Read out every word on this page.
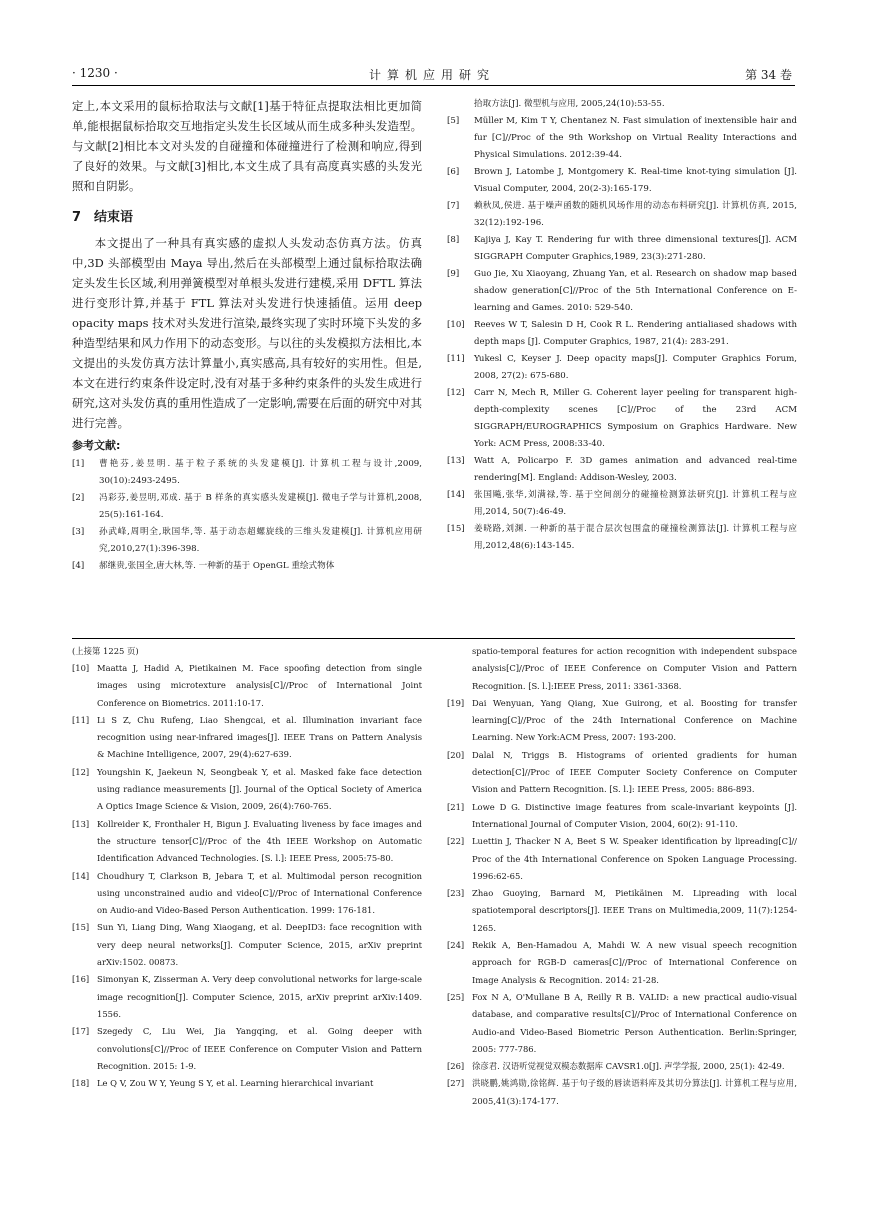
· 1230 ·	计算机应用研究	第 34 卷

定上,本文采用的鼠标拾取法与文献[1]基于特征点提取法相比更加简单,能根据鼠标拾取交互地指定头发生长区域从而生成多种头发造型。与文献[2]相比本文对头发的自碰撞和体碰撞进行了检测和响应,得到了良好的效果。与文献[3]相比,本文生成了具有高度真实感的头发光照和自阴影。

7　结束语

本文提出了一种具有真实感的虚拟人头发动态仿真方法。仿真中,3D 头部模型由 Maya 导出,然后在头部模型上通过鼠标拾取法确定头发生长区域,利用弹簧模型对单根头发进行建模,采用 DFTL 算法进行变形计算,并基于 FTL 算法对头发进行快速插值。运用 deep opacity maps 技术对头发进行渲染,最终实现了实时环境下头发的多种造型结果和风力作用下的动态变形。与以往的头发模拟方法相比,本文提出的头发仿真方法计算量小,真实感高,具有较好的实用性。但是,本文在进行约束条件设定时,没有对基于多种约束条件的头发生成进行研究,这对头发仿真的重用性造成了一定影响,需要在后面的研究中对其进行完善。

参考文献:
[1]	曹艳芬,姜昱明. 基于粒子系统的头发建模[J]. 计算机工程与设计,2009, 30(10):2493-2495.
[2]	冯彩芬,姜昱明,邓成. 基于 B 样条的真实感头发建模[J]. 微电子学与计算机,2008, 25(5):161-164.
[3]	孙武峰,周明全,耿国华,等. 基于动态超螺旋线的三维头发建模[J]. 计算机应用研究,2010,27(1):396-398.
[4]	郝继贵,张国全,唐大林,等. 一种新的基于 OpenGL 重绘式物体
拾取方法[J]. 微型机与应用, 2005,24(10):53-55.
[5]	Müller M, Kim T Y, Chentanez N. Fast simulation of inextensible hair and fur [C]//Proc of the 9th Workshop on Virtual Reality Interactions and Physical Simulations. 2012:39-44.
[6]	Brown J, Latombe J, Montgomery K. Real-time knot-tying simulation [J]. Visual Computer, 2004, 20(2-3):165-179.
[7]	赖秋凤,侯进. 基于噪声函数的随机风场作用的动态布料研究[J]. 计算机仿真, 2015, 32(12):192-196.
[8]	Kajiya J, Kay T. Rendering fur with three dimensional textures[J]. ACM SIGGRAPH Computer Graphics,1989, 23(3):271-280.
[9]	Guo Jie, Xu Xiaoyang, Zhuang Yan, et al. Research on shadow map based shadow generation[C]//Proc of the 5th International Conference on E- learning and Games. 2010: 529-540.
[10]	Reeves W T, Salesin D H, Cook R L. Rendering antialiased shadows with depth maps [J]. Computer Graphics, 1987, 21(4): 283-291.
[11]	Yukesl C, Keyser J. Deep opacity maps[J]. Computer Graphics Forum, 2008, 27(2): 675-680.
[12]	Carr N, Mech R, Miller G. Coherent layer peeling for transparent high-depth-complexity scenes [C]//Proc of the 23rd ACM SIGGRAPH/EUROGRAPHICS Symposium on Graphics Hardware. New York: ACM Press, 2008:33-40.
[13]	Watt A, Policarpo F. 3D games animation and advanced real-time rendering[M]. England: Addison-Wesley, 2003.
[14]	张国飚,张华,刘满禄,等. 基于空间剖分的碰撞检测算法研究[J]. 计算机工程与应用,2014, 50(7):46-49.
[15]	姜晓路,刘渊. 一种新的基于混合层次包围盒的碰撞检测算法[J]. 计算机工程与应用,2012,48(6):143-145.

(上接第 1225 页)

[10] Maatta J, Hadid A, Pietikainen M. Face spoofing detection from single images using microtexture analysis[C]//Proc of International Joint Conference on Biometrics. 2011:10-17.
[11] Li S Z, Chu Rufeng, Liao Shengcai, et al. Illumination invariant face recognition using near-infrared images[J]. IEEE Trans on Pattern Analysis & Machine Intelligence, 2007, 29(4):627-639.
[12] Youngshin K, Jaekeun N, Seongbeak Y, et al. Masked fake face detection using radiance measurements [J]. Journal of the Optical Society of America A Optics Image Science & Vision, 2009, 26(4):760-765.
[13] Kollreider K, Fronthaler H, Bigun J. Evaluating liveness by face images and the structure tensor[C]//Proc of the 4th IEEE Workshop on Automatic Identification Advanced Technologies. [S. l.]: IEEE Press, 2005:75-80.
[14] Choudhury T, Clarkson B, Jebara T, et al. Multimodal person recognition using unconstrained audio and video[C]//Proc of International Conference on Audio-and Video-Based Person Authentication. 1999: 176-181.
[15] Sun Yi, Liang Ding, Wang Xiaogang, et al. DeepID3: face recognition with very deep neural networks[J]. Computer Science, 2015, arXiv preprint arXiv:1502. 00873.
[16] Simonyan K, Zisserman A. Very deep convolutional networks for large-scale image recognition[J]. Computer Science, 2015, arXiv preprint arXiv:1409. 1556.
[17] Szegedy C, Liu Wei, Jia Yangqing, et al. Going deeper with convolutions[C]//Proc of IEEE Conference on Computer Vision and Pattern Recognition. 2015: 1-9.
[18] Le Q V, Zou W Y, Yeung S Y, et al. Learning hierarchical invariant
spatio-temporal features for action recognition with independent subspace analysis[C]//Proc of IEEE Conference on Computer Vision and Pattern Recognition. [S. l.]:IEEE Press, 2011: 3361-3368.
[19] Dai Wenyuan, Yang Qiang, Xue Guirong, et al. Boosting for transfer learning[C]//Proc of the 24th International Conference on Machine Learning. New York:ACM Press, 2007: 193-200.
[20] Dalal N, Triggs B. Histograms of oriented gradients for human detection[C]//Proc of IEEE Computer Society Conference on Computer Vision and Pattern Recognition. [S. l.]: IEEE Press, 2005: 886-893.
[21] Lowe D G. Distinctive image features from scale-invariant keypoints [J]. International Journal of Computer Vision, 2004, 60(2): 91-110.
[22] Luettin J, Thacker N A, Beet S W. Speaker identification by lipreading[C]// Proc of the 4th International Conference on Spoken Language Processing. 1996:62-65.
[23] Zhao Guoying, Barnard M, Pietikäinen M. Lipreading with local spatiotemporal descriptors[J]. IEEE Trans on Multimedia,2009, 11(7):1254-1265.
[24] Rekik A, Ben-Hamadou A, Mahdi W. A new visual speech recognition approach for RGB-D cameras[C]//Proc of International Conference on Image Analysis & Recognition. 2014: 21-28.
[25] Fox N A, O'Mullane B A, Reilly R B. VALID: a new practical audio-visual database, and comparative results[C]//Proc of International Conference on Audio-and Video-Based Biometric Person Authentication. Berlin:Springer, 2005: 777-786.
[26] 徐彦君. 汉语听觉视觉双模态数据库 CAVSR1.0[J]. 声学学报, 2000, 25(1): 42-49.
[27] 洪晓鹏,姚鸿勋,徐铭辉. 基于句子级的唇读语料库及其切分算法[J]. 计算机工程与应用, 2005,41(3):174-177.
